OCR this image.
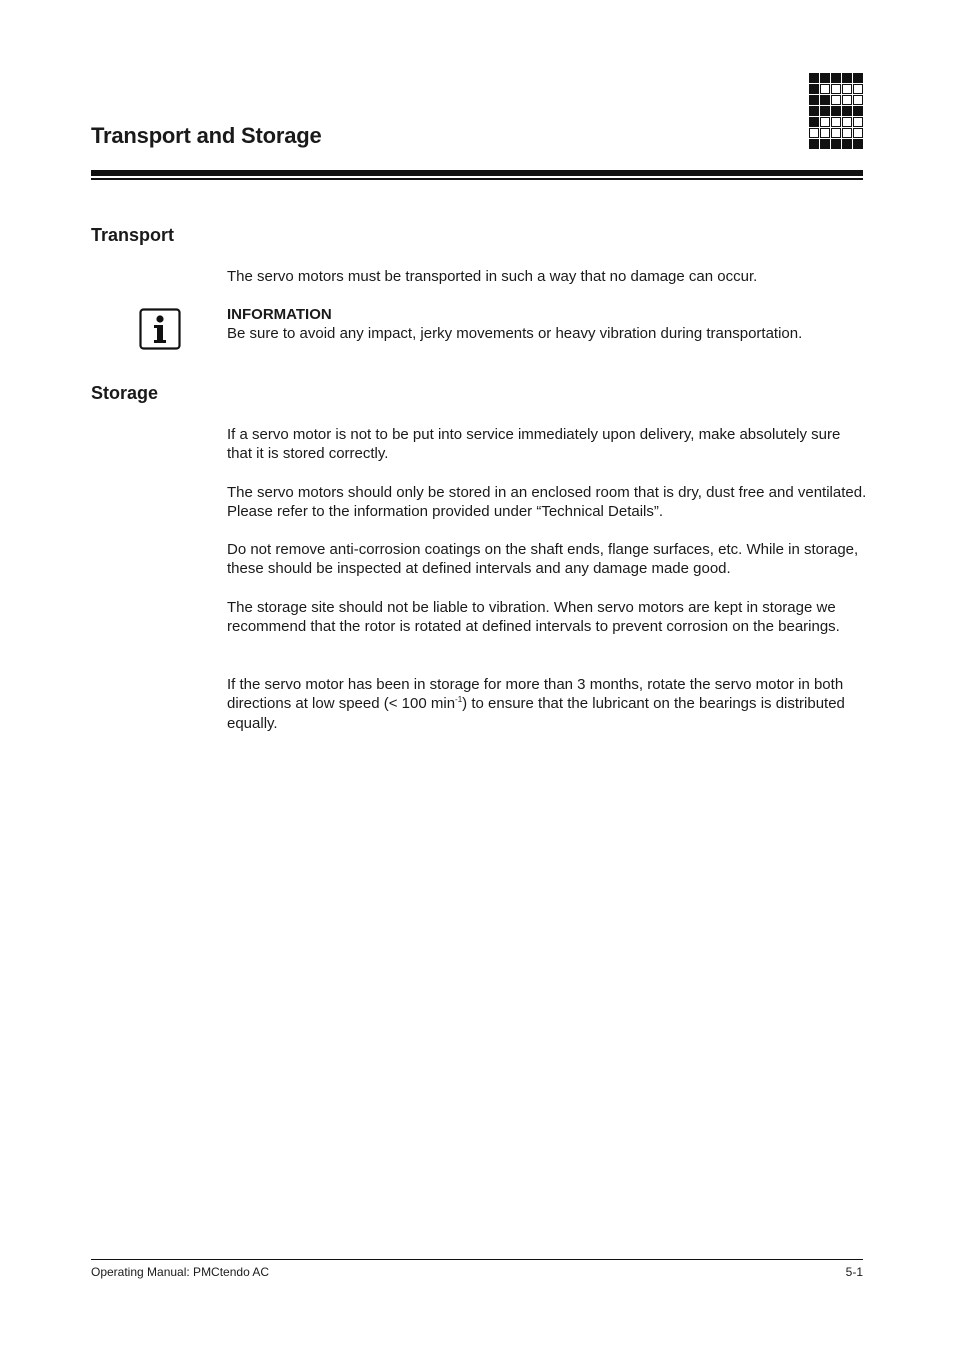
Transport and Storage
Transport

The servo motors must be transported in such a way that no damage can occur.

INFORMATION
Be sure to avoid any impact, jerky movements or heavy vibration during transportation.
Storage

If a servo motor is not to be put into service immediately upon delivery, make absolutely sure that it is stored correctly.

The servo motors should only be stored in an enclosed room that is dry, dust free and ventilated. Please refer to the information provided under “Technical Details”.

Do not remove anti-corrosion coatings on the shaft ends, flange surfaces, etc. While in storage, these should be inspected at defined intervals and any damage made good.

The storage site should not be liable to vibration. When servo motors are kept in storage we recommend that the rotor is rotated at defined intervals to prevent corrosion on the bearings.

If the servo motor has been in storage for more than 3 months, rotate the servo motor in both directions at low speed (< 100 $\min^{-1}$) to ensure that the lubricant on the bearings is distributed equally.

Operating Manual: PMCtendo AC	5-1
